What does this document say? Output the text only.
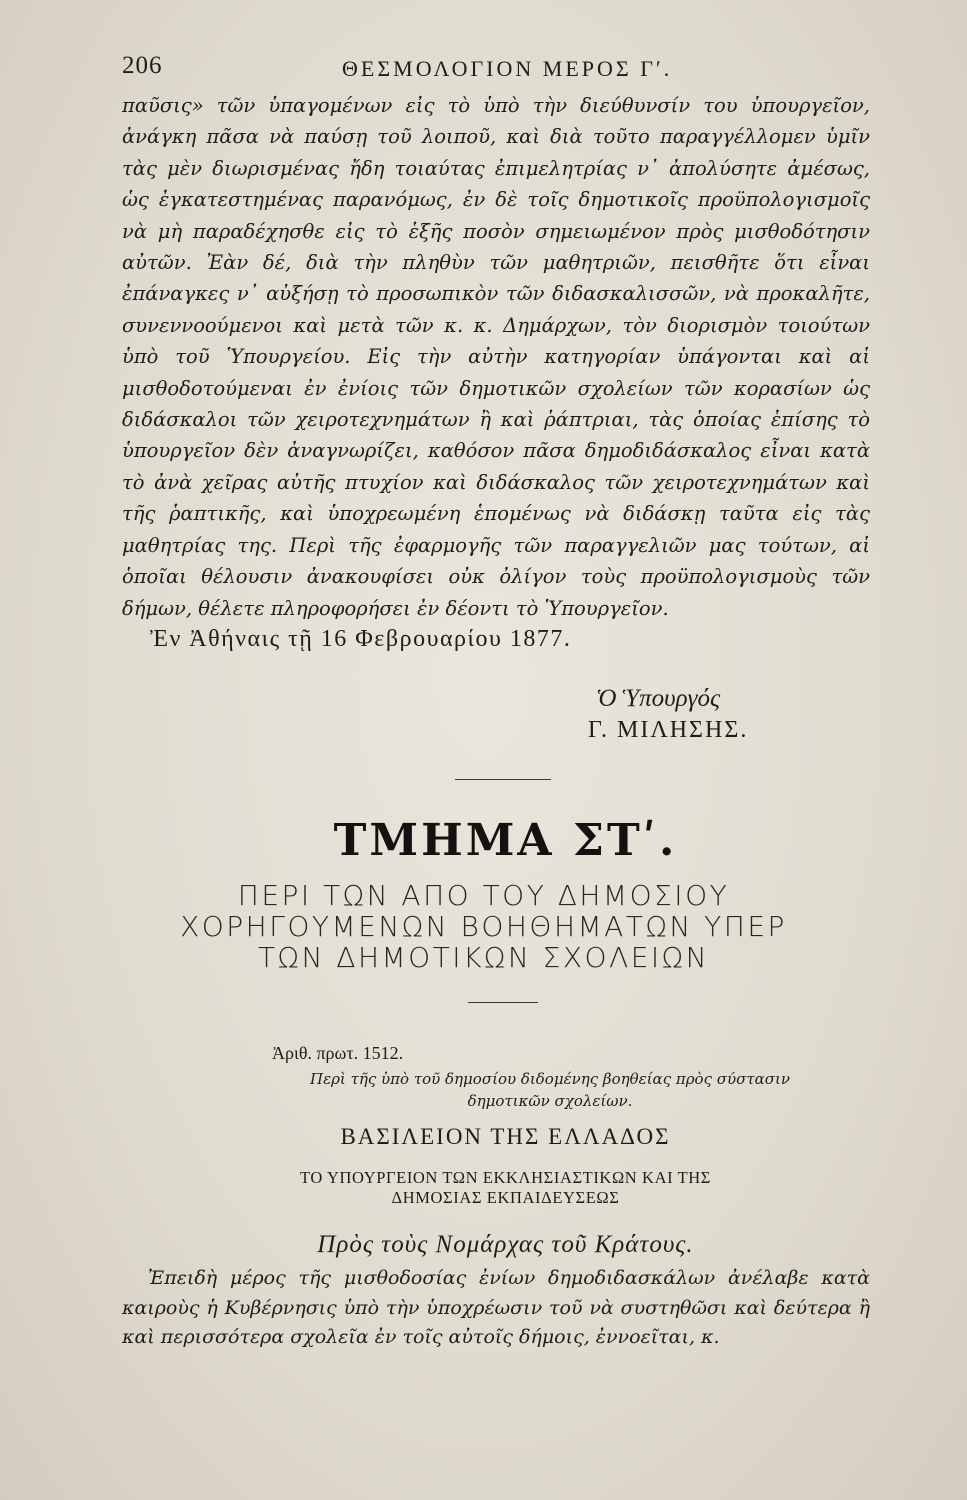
206	ΘΕΣΜΟΛΟΓΙΟΝ ΜΕΡΟΣ Γʹ.

παῦσις» τῶν ὑπαγομένων εἰς τὸ ὑπὸ τὴν διεύθυνσίν του ὑπουργεῖον, ἀνάγκη πᾶσα νὰ παύσῃ τοῦ λοιποῦ, καὶ διὰ τοῦτο παραγγέλλομεν ὑμῖν τὰς μὲν διωρισμένας ἤδη τοιαύτας ἐπιμελητρίας ν᾽ ἀπολύσητε ἀμέσως, ὡς ἐγκατεστημένας παρανόμως, ἐν δὲ τοῖς δημοτικοῖς προϋπολογισμοῖς νὰ μὴ παραδέχησθε εἰς τὸ ἑξῆς ποσὸν σημειωμένον πρὸς μισθοδότησιν αὐτῶν. Ἐὰν δέ, διὰ τὴν πληθὺν τῶν μαθητριῶν, πεισθῆτε ὅτι εἶναι ἐπάναγκες ν᾽ αὐξήσῃ τὸ προσωπικὸν τῶν διδασκαλισσῶν, νὰ προκαλῆτε, συνεννοούμενοι καὶ μετὰ τῶν κ. κ. Δημάρχων, τὸν διορισμὸν τοιούτων ὑπὸ τοῦ Ὑπουργείου. Εἰς τὴν αὐτὴν κατηγορίαν ὑπάγονται καὶ αἱ μισθοδοτούμεναι ἐν ἐνίοις τῶν δημοτικῶν σχολείων τῶν κορασίων ὡς διδάσκαλοι τῶν χειροτεχνημάτων ἢ καὶ ῥάπτριαι, τὰς ὁποίας ἐπίσης τὸ ὑπουργεῖον δὲν ἀναγνωρίζει, καθόσον πᾶσα δημοδιδάσκαλος εἶναι κατὰ τὸ ἀνὰ χεῖρας αὐτῆς πτυχίον καὶ διδάσκαλος τῶν χειροτεχνημάτων καὶ τῆς ῥαπτικῆς, καὶ ὑποχρεωμένη ἑπομένως νὰ διδάσκῃ ταῦτα εἰς τὰς μαθητρίας της. Περὶ τῆς ἐφαρμογῆς τῶν παραγγελιῶν μας τούτων, αἱ ὁποῖαι θέλουσιν ἀνακουφίσει οὐκ ὀλίγον τοὺς προϋπολογισμοὺς τῶν δήμων, θέλετε πληροφορήσει ἐν δέοντι τὸ Ὑπουργεῖον.

Ἐν Ἀθήναις τῇ 16 Φεβρουαρίου 1877.
Ὁ Ὑπουργός
Γ. ΜΙΛΗΣΗΣ.
ΤΜΗΜΑ ΣΤʹ.
ΠΕΡΙ ΤΩΝ ΑΠΟ ΤΟΥ ΔΗΜΟΣΙΟΥ
ΧΟΡΗΓΟΥΜΕΝΩΝ ΒΟΗΘΗΜΑΤΩΝ ΥΠΕΡ
ΤΩΝ ΔΗΜΟΤΙΚΩΝ ΣΧΟΛΕΙΩΝ
Ἀριθ. πρωτ. 1512.
Περὶ τῆς ὑπὸ τοῦ δημοσίου διδομένης βοηθείας πρὸς σύστασιν
δημοτικῶν σχολείων.
ΒΑΣΙΛΕΙΟΝ ΤΗΣ ΕΛΛΑΔΟΣ
ΤΟ ΥΠΟΥΡΓΕΙΟΝ ΤΩΝ ΕΚΚΛΗΣΙΑΣΤΙΚΩΝ ΚΑΙ ΤΗΣ
ΔΗΜΟΣΙΑΣ ΕΚΠΑΙΔΕΥΣΕΩΣ
Πρὸς τοὺς Νομάρχας τοῦ Κράτους.

Ἐπειδὴ μέρος τῆς μισθοδοσίας ἐνίων δημοδιδασκάλων ἀνέλαβε κατὰ καιροὺς ἡ Κυβέρνησις ὑπὸ τὴν ὑποχρέωσιν τοῦ νὰ συστηθῶσι καὶ δεύτερα ἢ καὶ περισσότερα σχολεῖα ἐν τοῖς αὐτοῖς δήμοις, ἐννοεῖται, κ.
